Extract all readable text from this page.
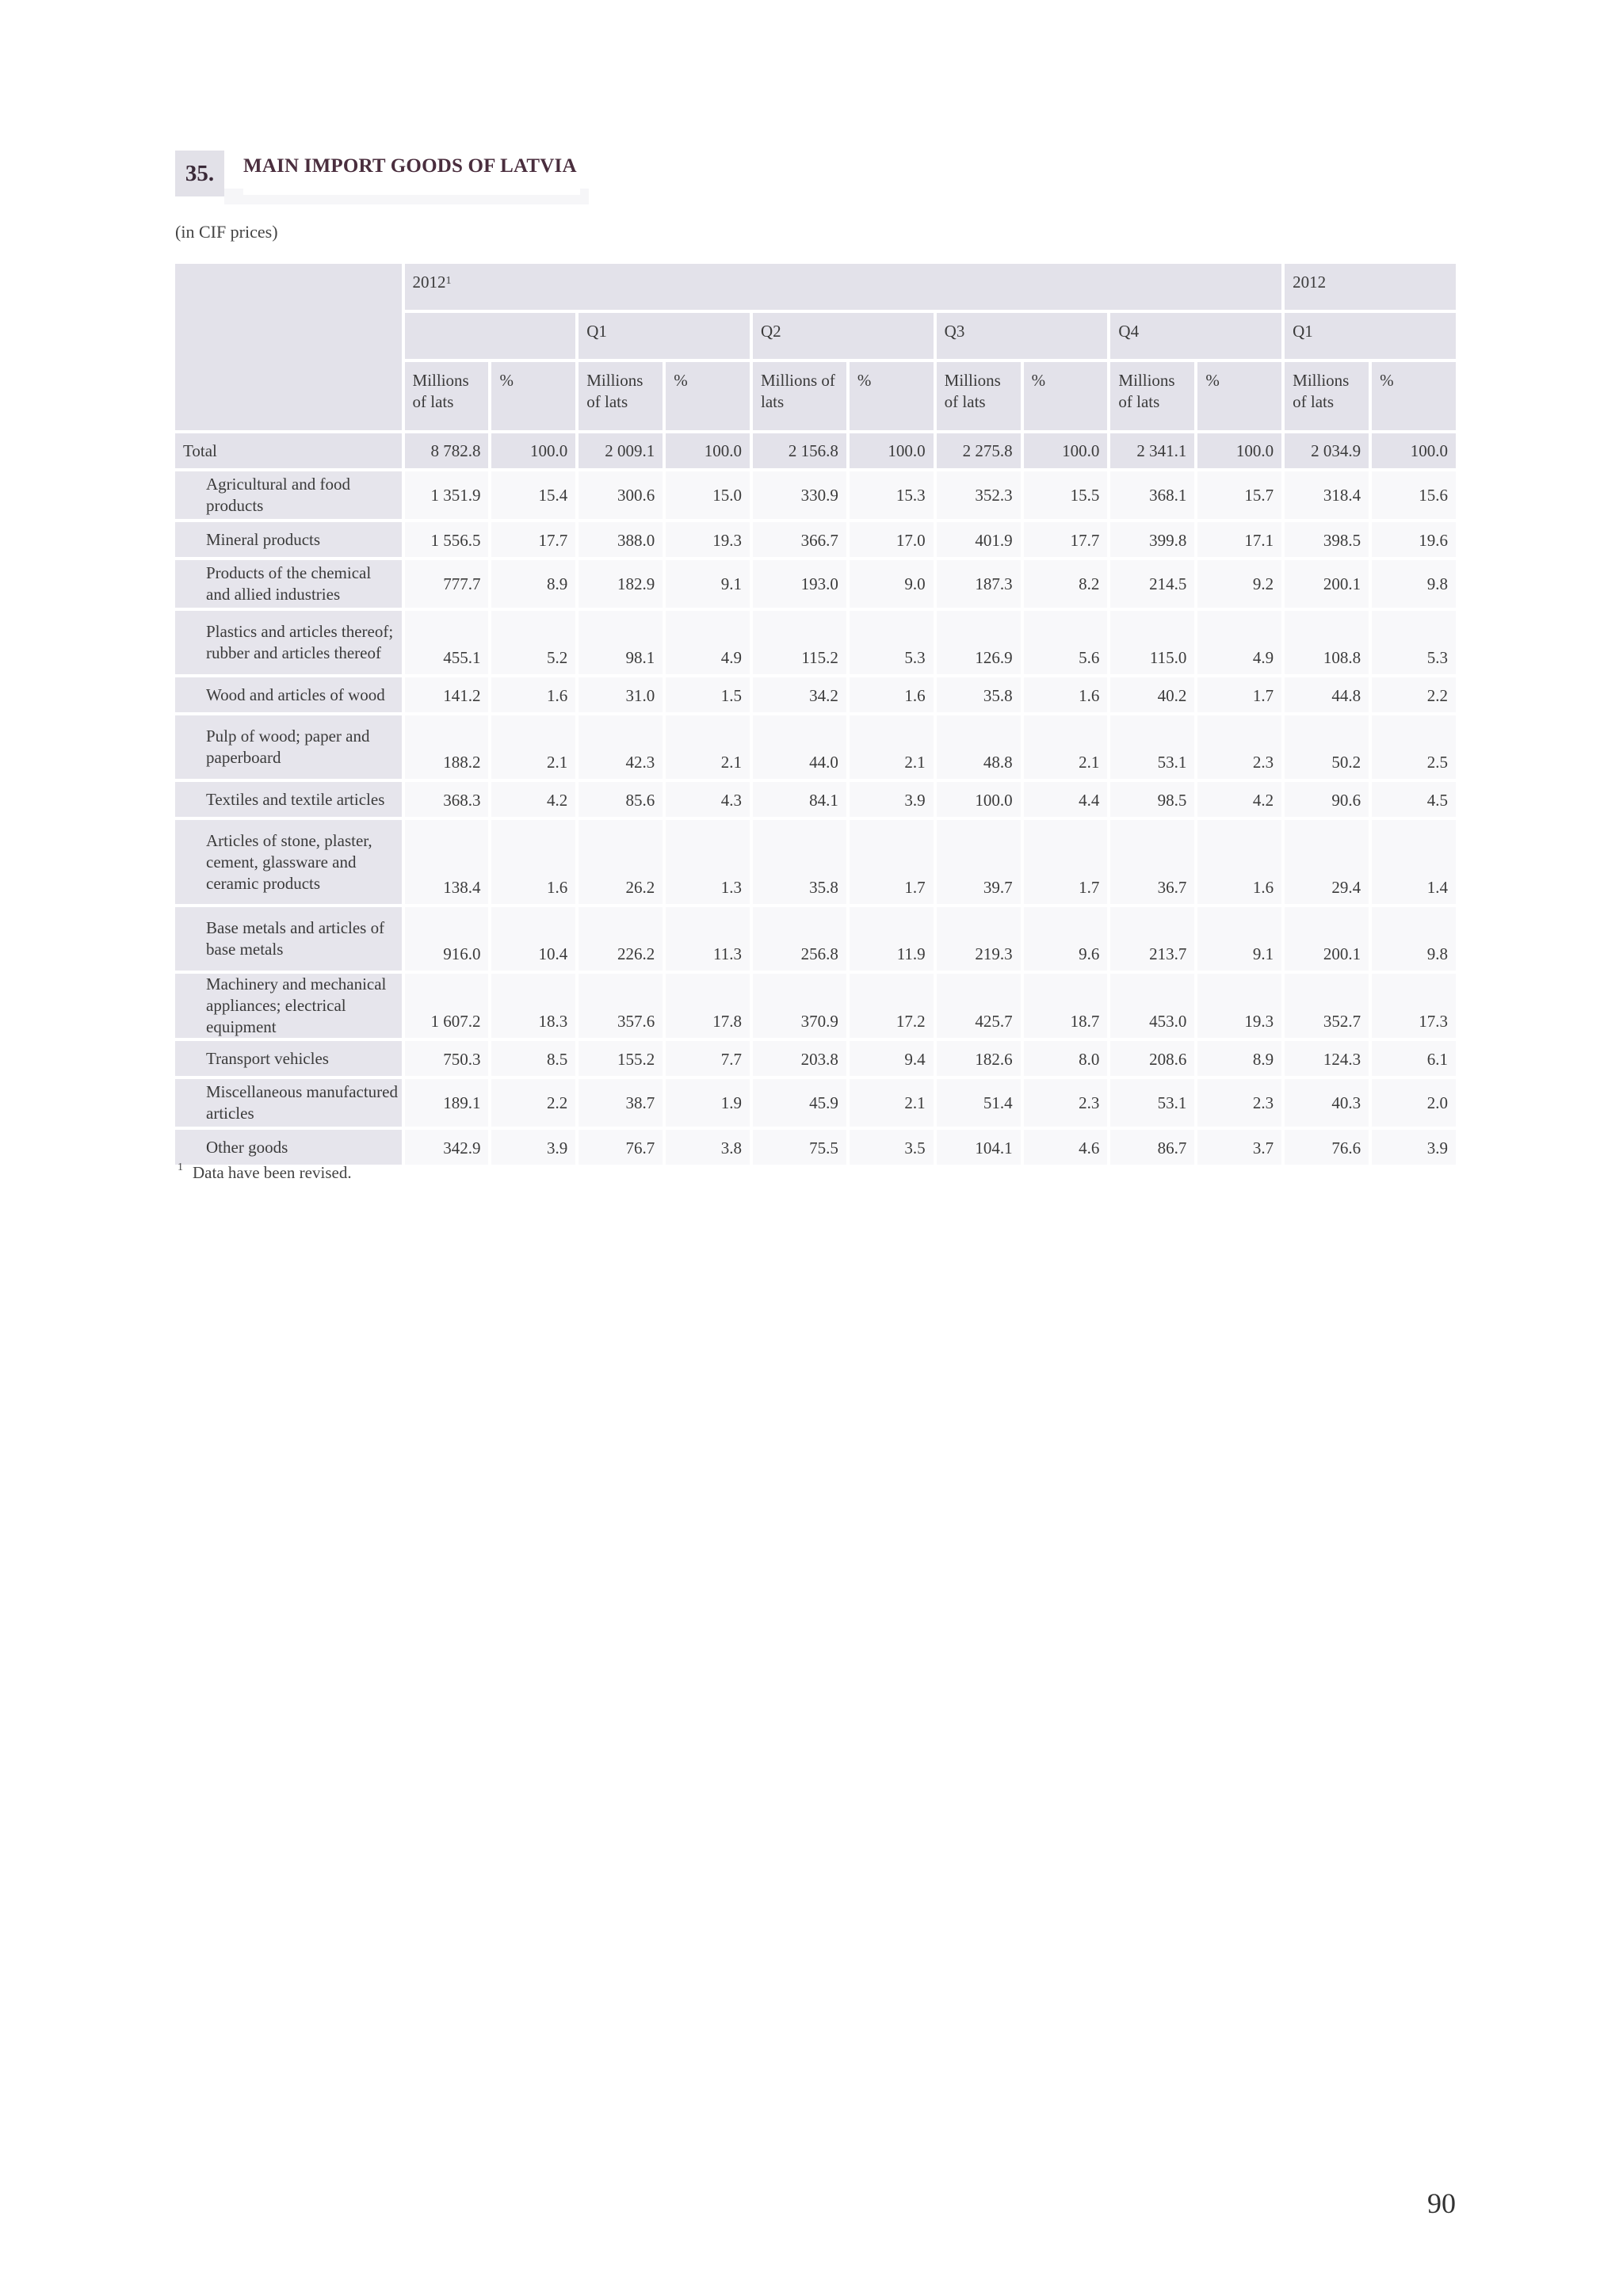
35.	MAIN IMPORT GOODS OF LATVIA
(in CIF prices)
	2012$^1$										2012	
			Q1		Q2		Q3		Q4		Q1	
	Millions of lats	%	Millions of lats	%	Millions of lats	%	Millions of lats	%	Millions of lats	%	Millions of lats	%
Total	8 782.8	100.0	2 009.1	100.0	2 156.8	100.0	2 275.8	100.0	2 341.1	100.0	2 034.9	100.0
Agricultural and food products	1 351.9	15.4	300.6	15.0	330.9	15.3	352.3	15.5	368.1	15.7	318.4	15.6
Mineral products	1 556.5	17.7	388.0	19.3	366.7	17.0	401.9	17.7	399.8	17.1	398.5	19.6
Products of the chemical and allied industries	777.7	8.9	182.9	9.1	193.0	9.0	187.3	8.2	214.5	9.2	200.1	9.8
Plastics and articles thereof; rubber and articles thereof	455.1	5.2	98.1	4.9	115.2	5.3	126.9	5.6	115.0	4.9	108.8	5.3
Wood and articles of wood	141.2	1.6	31.0	1.5	34.2	1.6	35.8	1.6	40.2	1.7	44.8	2.2
Pulp of wood; paper and paperboard	188.2	2.1	42.3	2.1	44.0	2.1	48.8	2.1	53.1	2.3	50.2	2.5
Textiles and textile articles	368.3	4.2	85.6	4.3	84.1	3.9	100.0	4.4	98.5	4.2	90.6	4.5
Articles of stone, plaster, cement, glassware and ceramic products	138.4	1.6	26.2	1.3	35.8	1.7	39.7	1.7	36.7	1.6	29.4	1.4
Base metals and articles of base metals	916.0	10.4	226.2	11.3	256.8	11.9	219.3	9.6	213.7	9.1	200.1	9.8
Machinery and mechanical appliances; electrical equipment	1 607.2	18.3	357.6	17.8	370.9	17.2	425.7	18.7	453.0	19.3	352.7	17.3
Transport vehicles	750.3	8.5	155.2	7.7	203.8	9.4	182.6	8.0	208.6	8.9	124.3	6.1
Miscellaneous manufactured articles	189.1	2.2	38.7	1.9	45.9	2.1	51.4	2.3	53.1	2.3	40.3	2.0
Other goods	342.9	3.9	76.7	3.8	75.5	3.5	104.1	4.6	86.7	3.7	76.6	3.9
$^1$ Data have been revised.
90
